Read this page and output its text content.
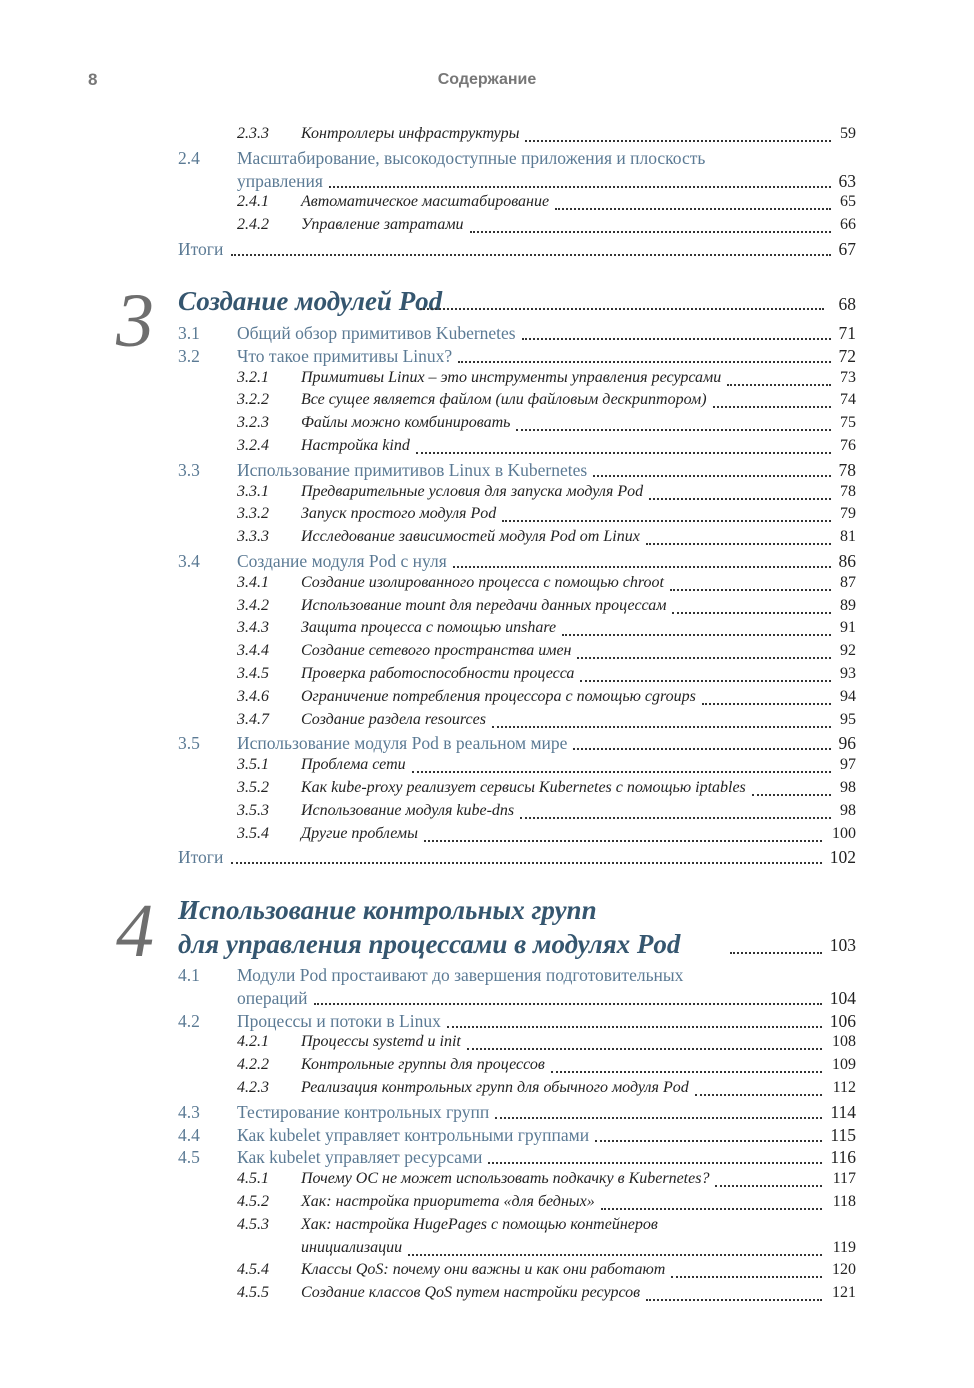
8	Содержание
2.3.3 Контроллеры инфраструктуры	59
2.4 Масштабирование, высокодоступные приложения и плоскость
управления	63
2.4.1 Автоматическое масштабирование	65
2.4.2 Управление затратами	66
Итоги	67
3 Создание модулей Pod	68
3.1 Общий обзор примитивов Kubernetes	71
3.2 Что такое примитивы Linux?	72
3.2.1 Примитивы Linux – это инструменты управления ресурсами	73
3.2.2 Все сущее является файлом (или файловым дескриптором)	74
3.2.3 Файлы можно комбинировать	75
3.2.4 Настройка kind	76
3.3 Использование примитивов Linux в Kubernetes	78
3.3.1 Предварительные условия для запуска модуля Pod	78
3.3.2 Запуск простого модуля Pod	79
3.3.3 Исследование зависимостей модуля Pod от Linux	81
3.4 Создание модуля Pod с нуля	86
3.4.1 Создание изолированного процесса с помощью chroot	87
3.4.2 Использование mount для передачи данных процессам	89
3.4.3 Защита процесса с помощью unshare	91
3.4.4 Создание сетевого пространства имен	92
3.4.5 Проверка работоспособности процесса	93
3.4.6 Ограничение потребления процессора с помощью cgroups	94
3.4.7 Создание раздела resources	95
3.5 Использование модуля Pod в реальном мире	96
3.5.1 Проблема сети	97
3.5.2 Как kube-proxy реализует сервисы Kubernetes с помощью iptables	98
3.5.3 Использование модуля kube-dns	98
3.5.4 Другие проблемы	100
Итоги	102
4 Использование контрольных групп
для управления процессами в модулях Pod	103
4.1 Модули Pod простаивают до завершения подготовительных
операций	104
4.2 Процессы и потоки в Linux	106
4.2.1 Процессы systemd и init	108
4.2.2 Контрольные группы для процессов	109
4.2.3 Реализация контрольных групп для обычного модуля Pod	112
4.3 Тестирование контрольных групп	114
4.4 Как kubelet управляет контрольными группами	115
4.5 Как kubelet управляет ресурсами	116
4.5.1 Почему ОС не может использовать подкачку в Kubernetes?	117
4.5.2 Хак: настройка приоритета «для бедных»	118
4.5.3 Хак: настройка HugePages с помощью контейнеров
инициализации	119
4.5.4 Классы QoS: почему они важны и как они работают	120
4.5.5 Создание классов QoS путем настройки ресурсов	121
